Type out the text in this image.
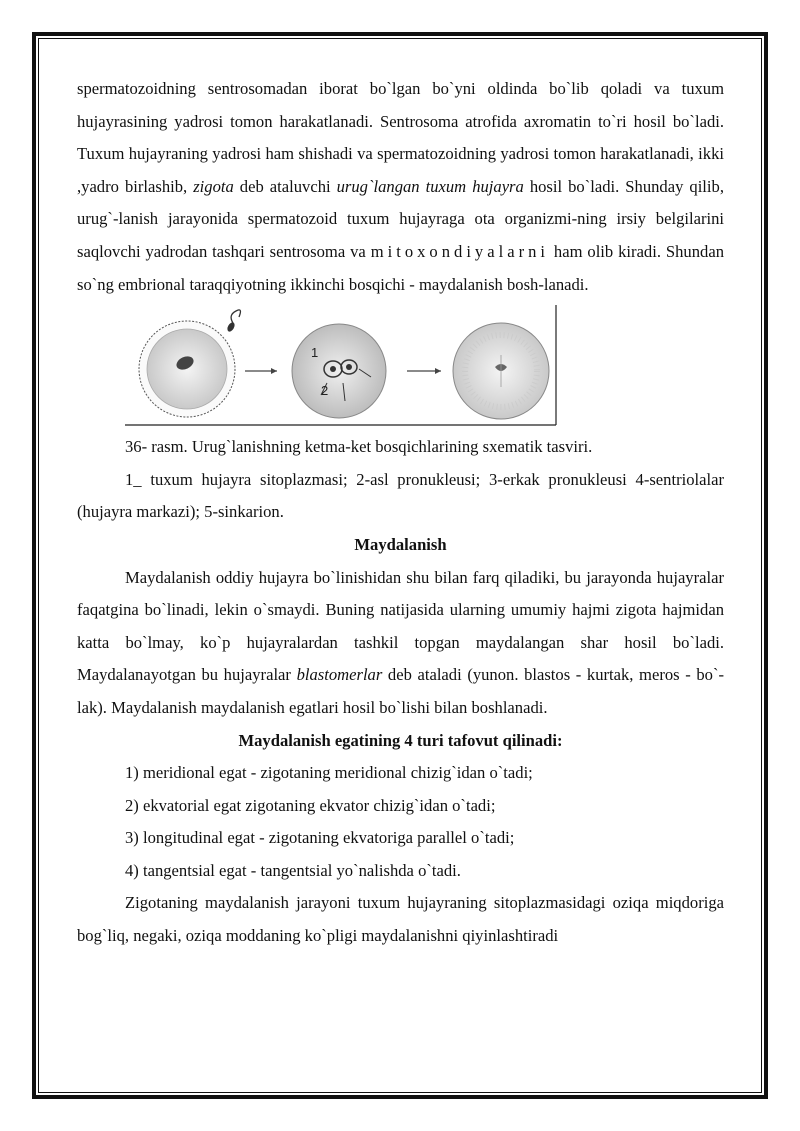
spermatozoidning sentrosomadan iborat bo`lgan bo`yni oldinda bo`lib qoladi va tuxum hujayrasining yadrosi tomon harakatlanadi. Sentrosoma atrofida axromatin to`ri hosil bo`ladi. Tuxum hujayraning yadrosi ham shishadi va spermatozoidning yadrosi tomon harakatlanadi, ikki ,yadro birlashib, zigota deb ataluvchi urug`langan tuxum hujayra hosil bo`ladi. Shunday qilib, urug`-lanish jarayonida spermatozoid tuxum hujayraga ota organizmi-ning irsiy belgilarini saqlovchi yadrodan tashqari sentrosoma va mitoxondiyalarni ham olib kiradi. Shundan so`ng embrional taraqqiyotning ikkinchi bosqichi - maydalanish bosh-lanadi.

1
2

36- rasm. Urug`lanishning ketma-ket bosqichlarining sxematik tasviri.

1_ tuxum hujayra sitoplazmasi; 2-asl pronukleusi; 3-erkak pronukleusi 4-sentriolalar (hujayra markazi); 5-sinkarion.

Maydalanish

Maydalanish oddiy hujayra bo`linishidan shu bilan farq qiladiki, bu jarayonda hujayralar faqatgina bo`linadi, lekin o`smaydi. Buning natijasida ularning umumiy hajmi zigota hajmidan katta bo`lmay, ko`p hujayralardan tashkil topgan maydalangan shar hosil bo`ladi. Maydalanayotgan bu hujayralar blastomerlar deb ataladi (yunon. blastos - kurtak, meros - bo`-lak). Maydalanish maydalanish egatlari hosil bo`lishi bilan boshlanadi.

Maydalanish egatining 4 turi tafovut qilinadi:

1) meridional egat - zigotaning meridional chizig`idan o`tadi;

2) ekvatorial egat zigotaning ekvator chizig`idan o`tadi;

3) longitudinal egat - zigotaning ekvatoriga parallel o`tadi;

4) tangentsial egat - tangentsial yo`nalishda o`tadi.

Zigotaning maydalanish jarayoni tuxum hujayraning sitoplazmasidagi oziqa miqdoriga bog`liq, negaki, oziqa moddaning ko`pligi maydalanishni qiyinlashtiradi
